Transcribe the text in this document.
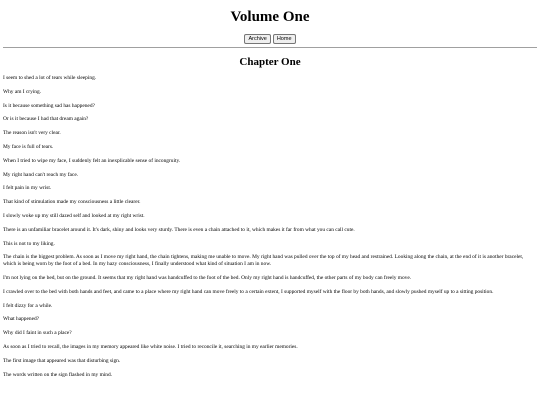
Volume One
Archive Home
Chapter One

I seem to shed a lot of tears while sleeping.

Why am I crying.

Is it because something sad has happened?

Or is it because I had that dream again?

The reason isn't very clear.

My face is full of tears.

When I tried to wipe my face, I suddenly felt an inexplicable sense of incongruity.

My right hand can't reach my face.

I felt pain in my wrist.

That kind of stimulation made my consciousness a little clearer.

I slowly woke up my still dazed self and looked at my right wrist.

There is an unfamiliar bracelet around it. It's dark, shiny and looks very sturdy. There is even a chain attached to it, which makes it far from what you can call cute.

This is not to my liking.

The chain is the biggest problem. As soon as I move my right hand, the chain tightens, making me unable to move. My right hand was pulled over the top of my head and restrained. Looking along the chain, at the end of it is another bracelet, which is being worn by the foot of a bed. In my hazy consciousness, I finally understood what kind of situation I am in now.

I'm not lying on the bed, but on the ground. It seems that my right hand was handcuffed to the foot of the bed. Only my right hand is handcuffed, the other parts of my body can freely move.

I crawled over to the bed with both hands and feet, and came to a place where my right hand can move freely to a certain extent, I supported myself with the floor by both hands, and slowly pushed myself up to a sitting position.

I felt dizzy for a while.

What happened?

Why did I faint in such a place?

As soon as I tried to recall, the images in my memory appeared like white noise. I tried to reconcile it, searching in my earlier memories.

The first image that appeared was that disturbing sign.

The words written on the sign flashed in my mind.
